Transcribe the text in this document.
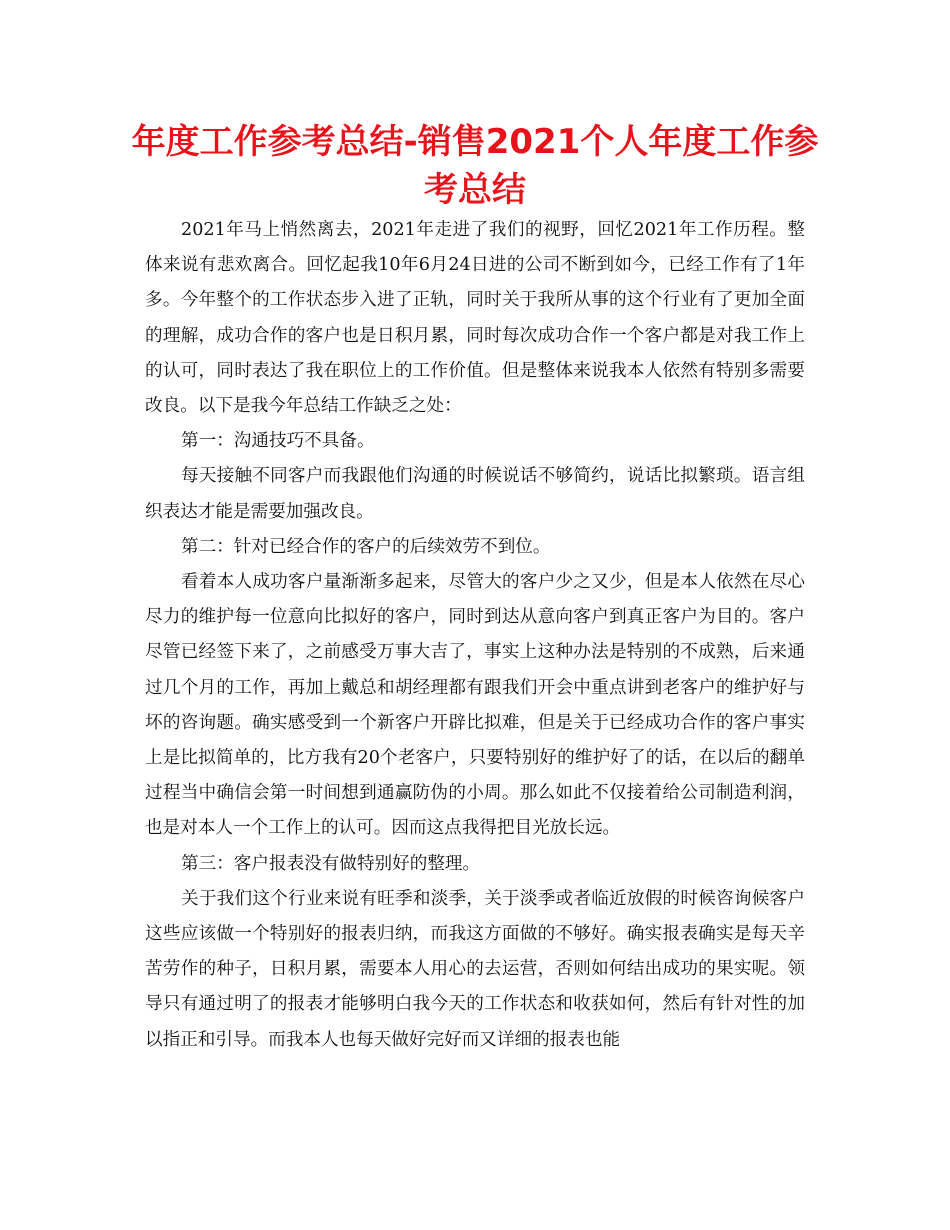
年度工作参考总结-销售2021个人年度工作参考总结

2021年马上悄然离去，2021年走进了我们的视野，回忆2021年工作历程。整体来说有悲欢离合。回忆起我10年6月24日进的公司不断到如今，已经工作有了1年多。今年整个的工作状态步入进了正轨，同时关于我所从事的这个行业有了更加全面的理解，成功合作的客户也是日积月累，同时每次成功合作一个客户都是对我工作上的认可，同时表达了我在职位上的工作价值。但是整体来说我本人依然有特别多需要改良。以下是我今年总结工作缺乏之处：

第一：沟通技巧不具备。

每天接触不同客户而我跟他们沟通的时候说话不够简约，说话比拟繁琐。语言组织表达才能是需要加强改良。

第二：针对已经合作的客户的后续效劳不到位。

看着本人成功客户量渐渐多起来，尽管大的客户少之又少，但是本人依然在尽心尽力的维护每一位意向比拟好的客户，同时到达从意向客户到真正客户为目的。客户尽管已经签下来了，之前感受万事大吉了，事实上这种办法是特别的不成熟，后来通过几个月的工作，再加上戴总和胡经理都有跟我们开会中重点讲到老客户的维护好与坏的咨询题。确实感受到一个新客户开辟比拟难，但是关于已经成功合作的客户事实上是比拟简单的，比方我有20个老客户，只要特别好的维护好了的话，在以后的翻单过程当中确信会第一时间想到通赢防伪的小周。那么如此不仅接着给公司制造利润，也是对本人一个工作上的认可。因而这点我得把目光放长远。

第三：客户报表没有做特别好的整理。

关于我们这个行业来说有旺季和淡季，关于淡季或者临近放假的时候咨询候客户这些应该做一个特别好的报表归纳，而我这方面做的不够好。确实报表确实是每天辛苦劳作的种子，日积月累，需要本人用心的去运营，否则如何结出成功的果实呢。领导只有通过明了的报表才能够明白我今天的工作状态和收获如何，然后有针对性的加以指正和引导。而我本人也每天做好完好而又详细的报表也能
